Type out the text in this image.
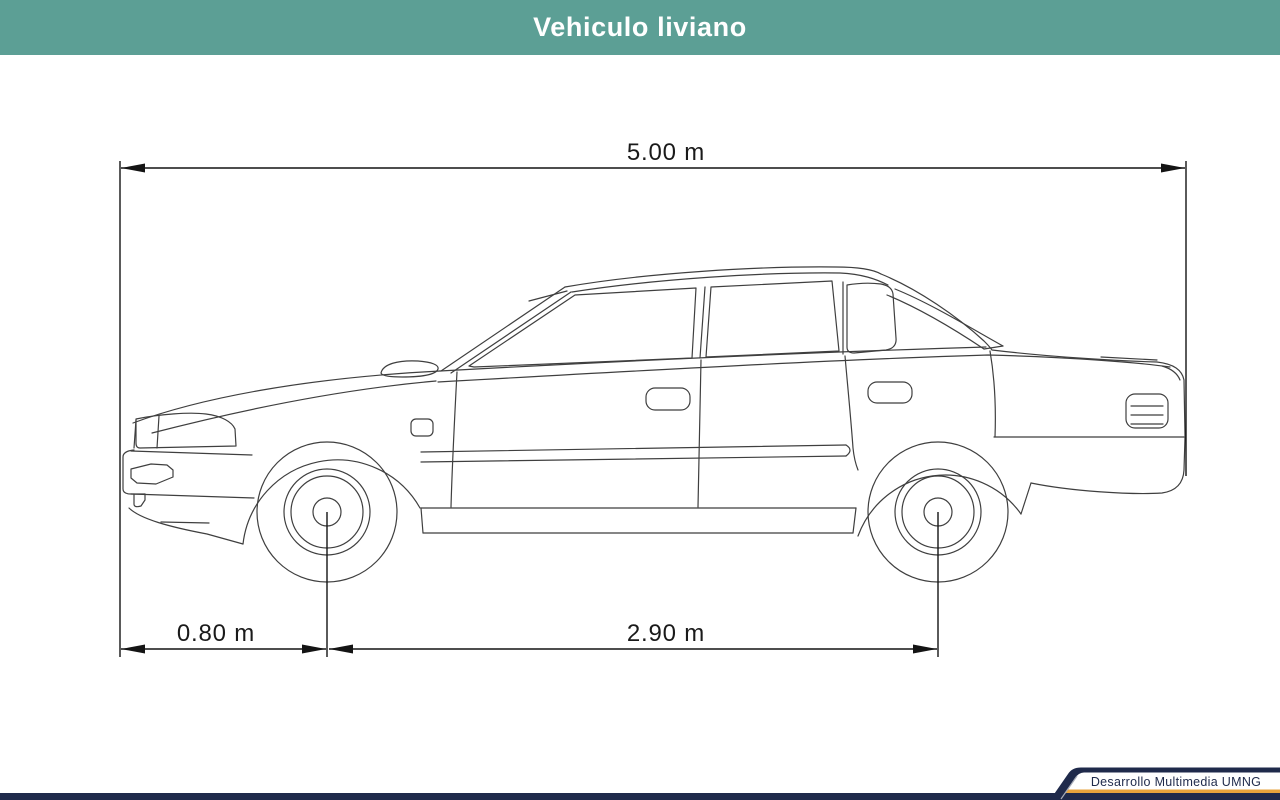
Vehiculo liviano
5.00 m
0.80 m	2.90 m
Desarrollo Multimedia UMNG
